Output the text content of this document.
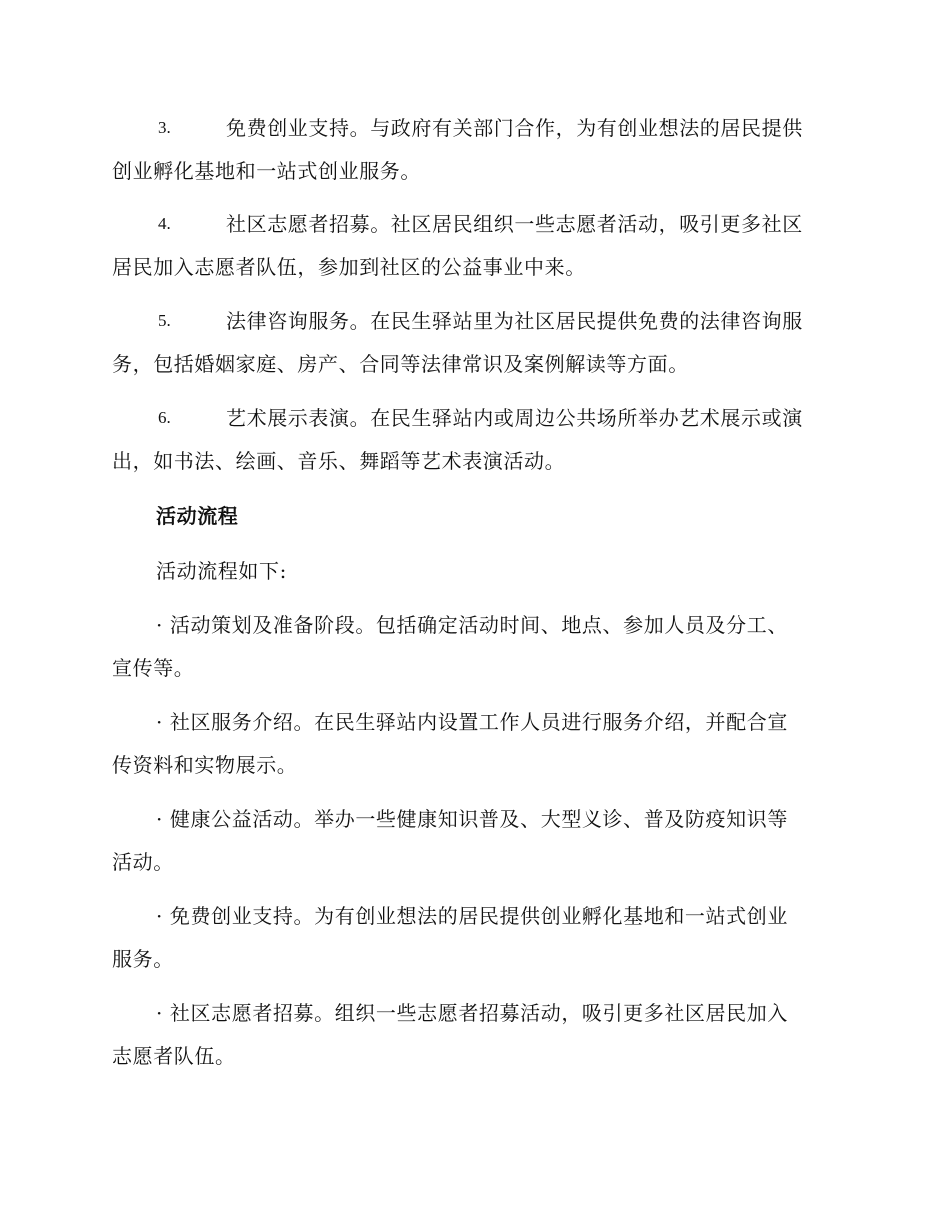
3.	免费创业支持。与政府有关部门合作，为有创业想法的居民提供
创业孵化基地和一站式创业服务。
4.	社区志愿者招募。社区居民组织一些志愿者活动，吸引更多社区
居民加入志愿者队伍，参加到社区的公益事业中来。
5.	法律咨询服务。在民生驿站里为社区居民提供免费的法律咨询服
务，包括婚姻家庭、房产、合同等法律常识及案例解读等方面。
6.	艺术展示表演。在民生驿站内或周边公共场所举办艺术展示或演
出，如书法、绘画、音乐、舞蹈等艺术表演活动。
活动流程
活动流程如下:
· 活动策划及准备阶段。包括确定活动时间、地点、参加人员及分工、
宣传等。
· 社区服务介绍。在民生驿站内设置工作人员进行服务介绍，并配合宣
传资料和实物展示。
· 健康公益活动。举办一些健康知识普及、大型义诊、普及防疫知识等
活动。
· 免费创业支持。为有创业想法的居民提供创业孵化基地和一站式创业
服务。
· 社区志愿者招募。组织一些志愿者招募活动，吸引更多社区居民加入
志愿者队伍。
